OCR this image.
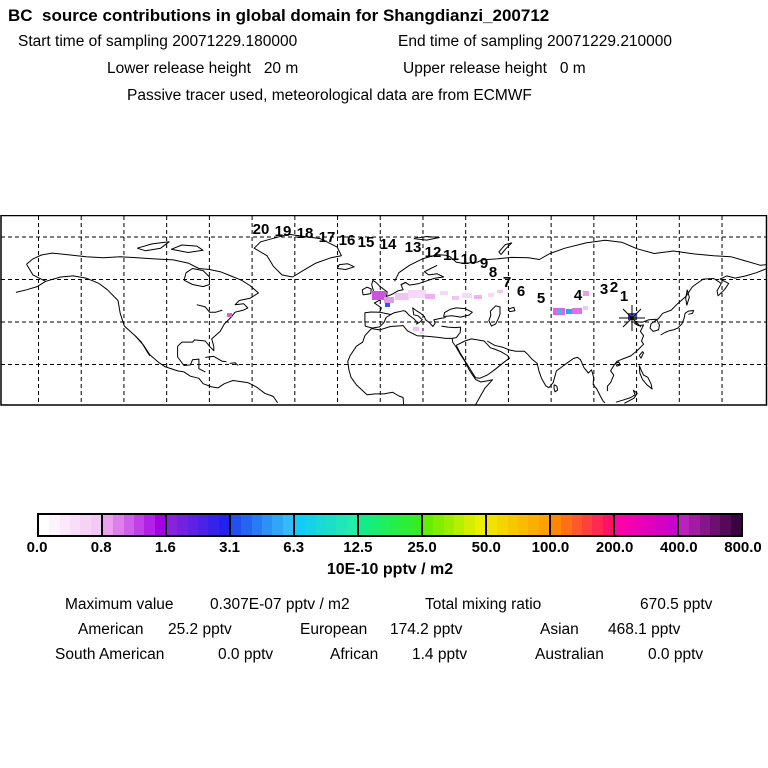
BC  source contributions in global domain for Shangdianzi_200712
Start time of sampling 20071229.180000	End time of sampling 20071229.210000
Lower release height   20 m	Upper release height   0 m
Passive tracer used, meteorological data are from ECMWF
20 19 18 17 16 15 14 13 12 11 10 9
8
7
6 5 4 3 2
1
0.0	0.8	1.6	3.1	6.3	12.5 25.0 50.0 100.0 200.0 400.0 800.0
10E-10 pptv / m2
Maximum value 0.307E-07 pptv / m2	Total mixing ratio	670.5 pptv
American 25.2 pptv	European 174.2 pptv	Asian 468.1 pptv
South American	0.0 pptv	African 1.4 pptv	Australian	0.0 pptv
